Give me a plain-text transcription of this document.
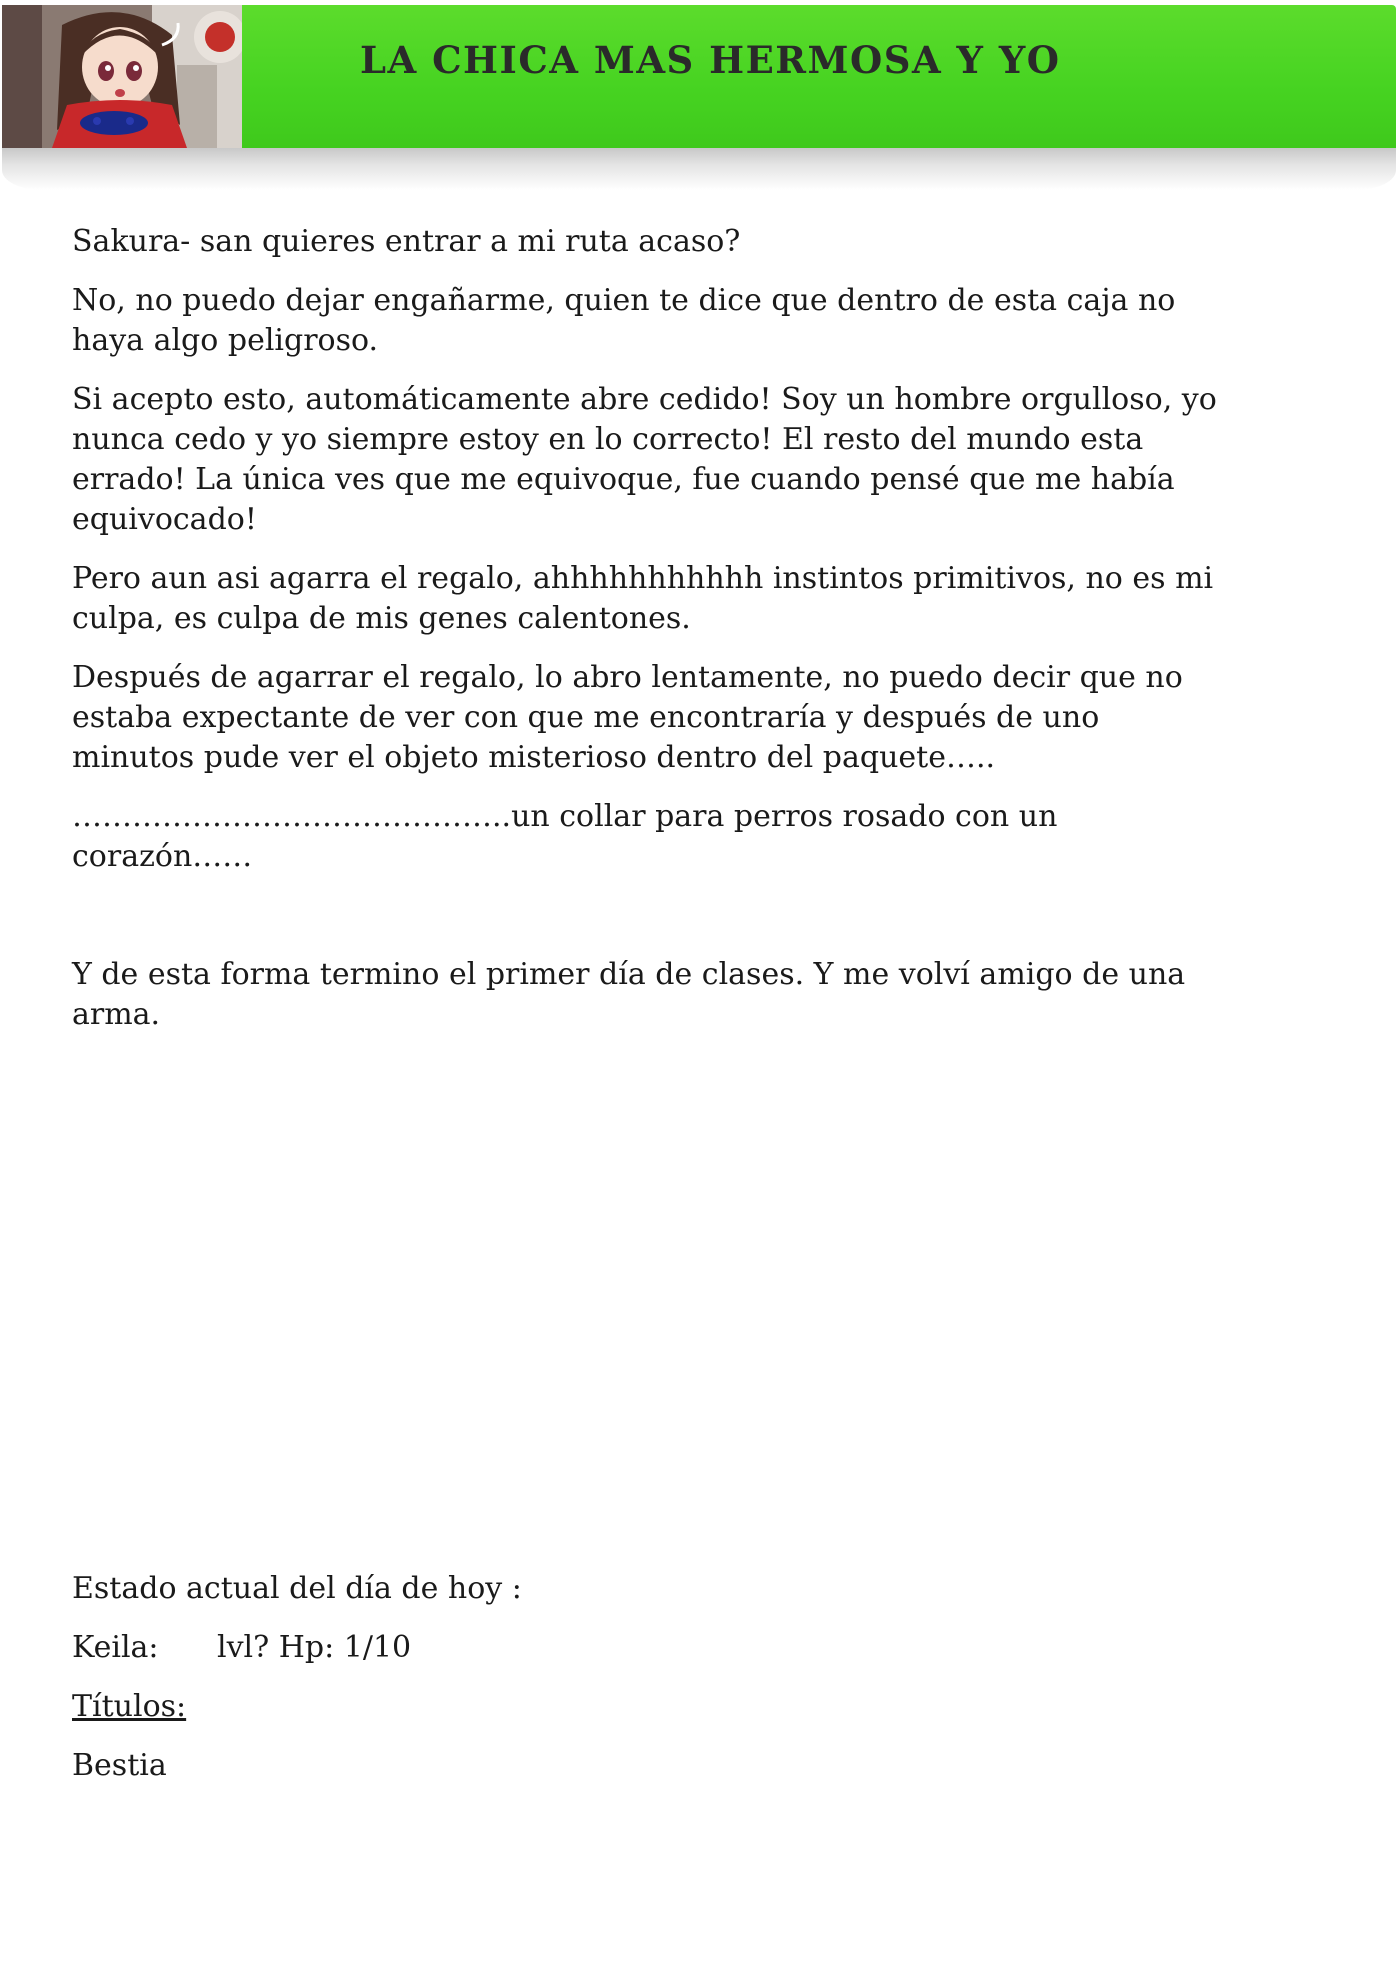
LA CHICA MAS HERMOSA Y YO

Sakura- san quieres entrar a mi ruta acaso?

No, no puedo dejar engañarme, quien te dice que dentro de esta caja no haya algo peligroso.

Si acepto esto, automáticamente abre cedido! Soy un hombre orgulloso, yo nunca cedo y yo siempre estoy en lo correcto! El resto del mundo esta errado! La única ves que me equivoque, fue cuando pensé que me había equivocado!

Pero aun asi agarra el regalo, ahhhhhhhhhhh instintos primitivos, no es mi culpa, es culpa de mis genes calentones.

Después de agarrar el regalo, lo abro lentamente, no puedo decir que no estaba expectante de ver con que me encontraría y después de uno minutos pude ver el objeto misterioso dentro del paquete…..

……………………………………..un collar para perros rosado con un corazón……

Y de esta forma termino el primer día de clases. Y me volví amigo de una arma.

Estado actual del día de hoy :

Keila: lvl? Hp: 1/10

Títulos:

Bestia
